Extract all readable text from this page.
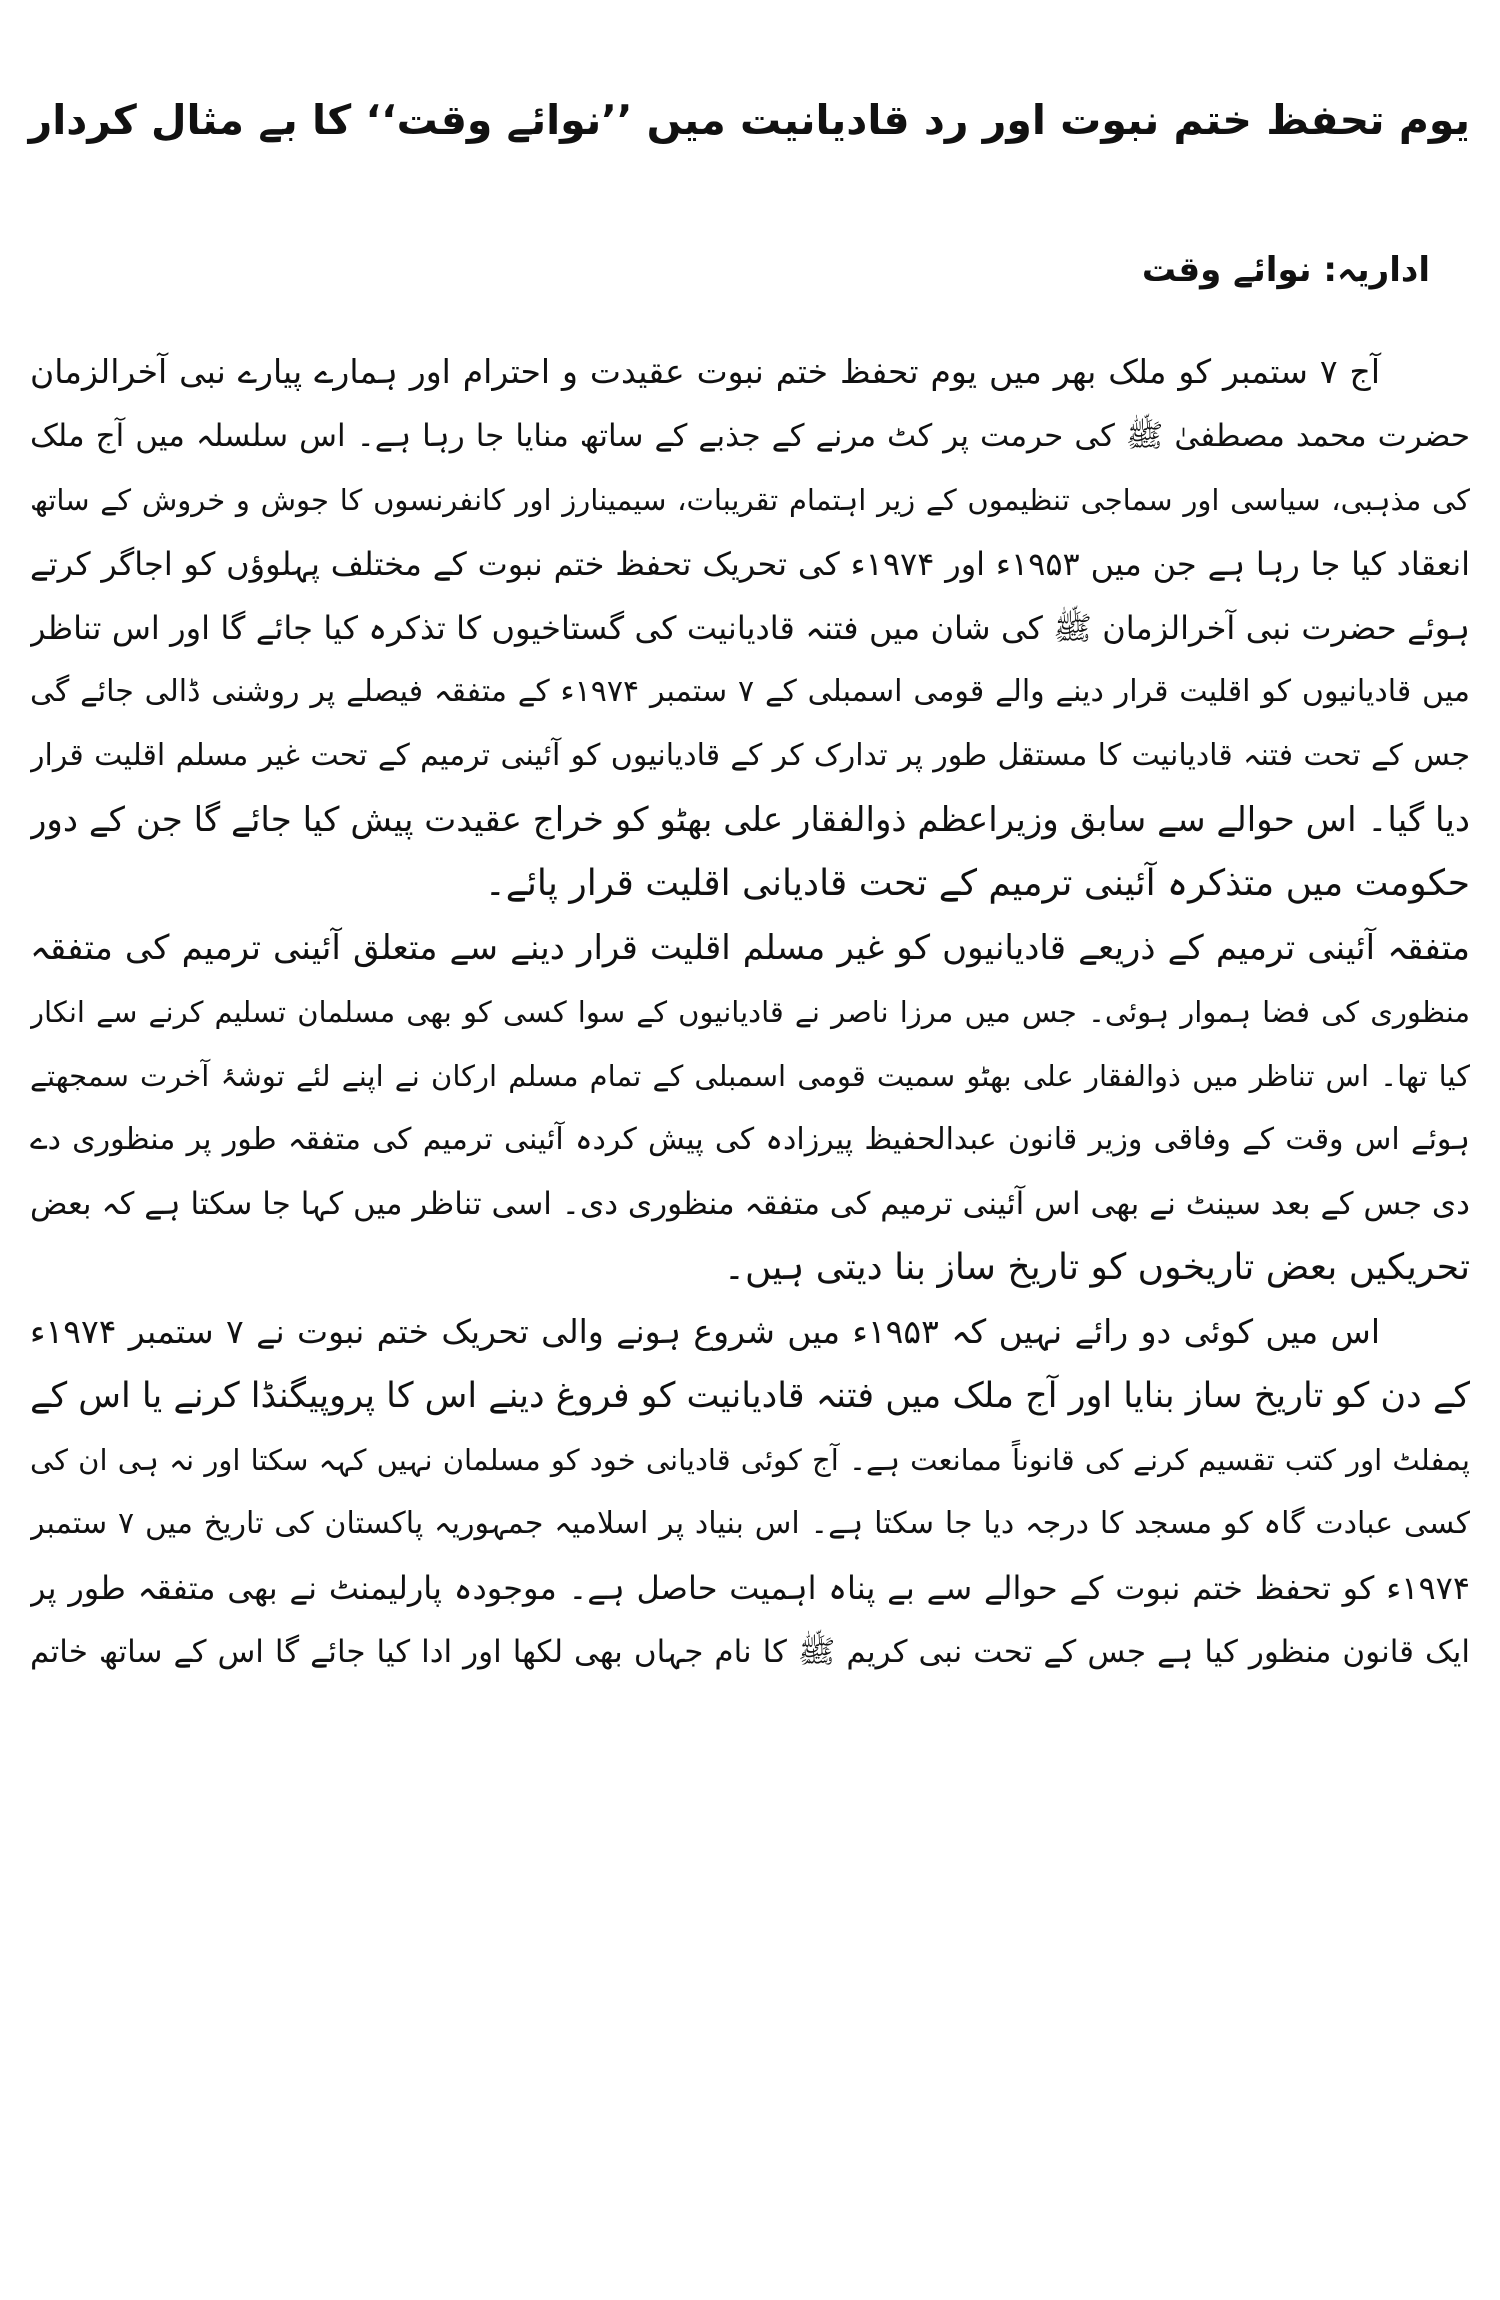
یوم تحفظ ختم نبوت اور رد قادیانیت میں ’’نوائے وقت‘‘ کا بے مثال کردار
اداریہ: نوائے وقت
آج ۷ ستمبر کو ملک بھر میں یوم تحفظ ختم نبوت عقیدت و احترام اور ہمارے پیارے نبی آخرالزمان
حضرت محمد مصطفیٰ ﷺ کی حرمت پر کٹ مرنے کے جذبے کے ساتھ منایا جا رہا ہے۔ اس سلسلہ میں آج ملک
کی مذہبی، سیاسی اور سماجی تنظیموں کے زیر اہتمام تقریبات، سیمینارز اور کانفرنسوں کا جوش و خروش کے ساتھ
انعقاد کیا جا رہا ہے جن میں ۱۹۵۳ء اور ۱۹۷۴ء کی تحریک تحفظ ختم نبوت کے مختلف پہلوؤں کو اجاگر کرتے
ہوئے حضرت نبی آخرالزمان ﷺ کی شان میں فتنہ قادیانیت کی گستاخیوں کا تذکرہ کیا جائے گا اور اس تناظر
میں قادیانیوں کو اقلیت قرار دینے والے قومی اسمبلی کے ۷ ستمبر ۱۹۷۴ء کے متفقہ فیصلے پر روشنی ڈالی جائے گی
جس کے تحت فتنہ قادیانیت کا مستقل طور پر تدارک کر کے قادیانیوں کو آئینی ترمیم کے تحت غیر مسلم اقلیت قرار
دیا گیا۔ اس حوالے سے سابق وزیراعظم ذوالفقار علی بھٹو کو خراج عقیدت پیش کیا جائے گا جن کے دور
حکومت میں متذکرہ آئینی ترمیم کے تحت قادیانی اقلیت قرار پائے۔
متفقہ آئینی ترمیم کے ذریعے قادیانیوں کو غیر مسلم اقلیت قرار دینے سے متعلق آئینی ترمیم کی متفقہ
منظوری کی فضا ہموار ہوئی۔ جس میں مرزا ناصر نے قادیانیوں کے سوا کسی کو بھی مسلمان تسلیم کرنے سے انکار
کیا تھا۔ اس تناظر میں ذوالفقار علی بھٹو سمیت قومی اسمبلی کے تمام مسلم ارکان نے اپنے لئے توشۂ آخرت سمجھتے
ہوئے اس وقت کے وفاقی وزیر قانون عبدالحفیظ پیرزادہ کی پیش کردہ آئینی ترمیم کی متفقہ طور پر منظوری دے
دی جس کے بعد سینٹ نے بھی اس آئینی ترمیم کی متفقہ منظوری دی۔ اسی تناظر میں کہا جا سکتا ہے کہ بعض
تحریکیں بعض تاریخوں کو تاریخ ساز بنا دیتی ہیں۔
اس میں کوئی دو رائے نہیں کہ ۱۹۵۳ء میں شروع ہونے والی تحریک ختم نبوت نے ۷ ستمبر ۱۹۷۴ء
کے دن کو تاریخ ساز بنایا اور آج ملک میں فتنہ قادیانیت کو فروغ دینے اس کا پروپیگنڈا کرنے یا اس کے
پمفلٹ اور کتب تقسیم کرنے کی قانوناً ممانعت ہے۔ آج کوئی قادیانی خود کو مسلمان نہیں کہہ سکتا اور نہ ہی ان کی
کسی عبادت گاہ کو مسجد کا درجہ دیا جا سکتا ہے۔ اس بنیاد پر اسلامیہ جمہوریہ پاکستان کی تاریخ میں ۷ ستمبر
۱۹۷۴ء کو تحفظ ختم نبوت کے حوالے سے بے پناہ اہمیت حاصل ہے۔ موجودہ پارلیمنٹ نے بھی متفقہ طور پر
ایک قانون منظور کیا ہے جس کے تحت نبی کریم ﷺ کا نام جہاں بھی لکھا اور ادا کیا جائے گا اس کے ساتھ خاتم
